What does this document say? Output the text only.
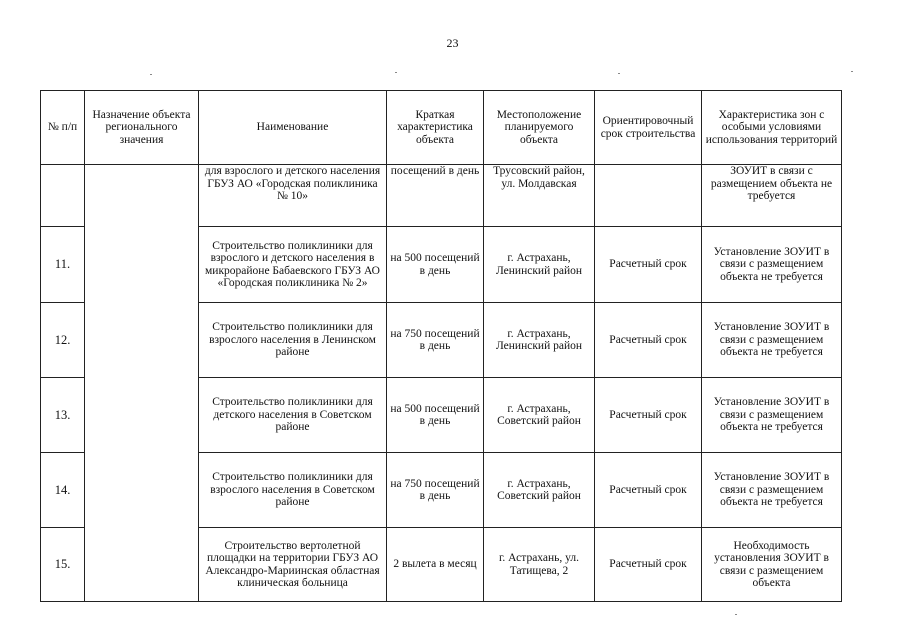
23
№ п/п	Назначение объекта регионального значения	Наименование	Краткая характеристика объекта	Местоположение планируемого объекта	Ориентировочный срок строительства	Характеристика зон с особыми условиями использования территорий
		для взрослого и детского населения ГБУЗ АО «Городская поликлиника № 10»	посещений в день	Трусовский район, ул. Молдавская		ЗОУИТ в связи с размещением объекта не требуется
11.		Строительство поликлиники для взрослого и детского населения в микрорайоне Бабаевского ГБУЗ АО «Городская поликлиника № 2»	на 500 посещений в день	г. Астрахань, Ленинский район	Расчетный срок	Установление ЗОУИТ в связи с размещением объекта не требуется
12.		Строительство поликлиники для взрослого населения в Ленинском районе	на 750 посещений в день	г. Астрахань, Ленинский район	Расчетный срок	Установление ЗОУИТ в связи с размещением объекта не требуется
13.		Строительство поликлиники для детского населения в Советском районе	на 500 посещений в день	г. Астрахань, Советский район	Расчетный срок	Установление ЗОУИТ в связи с размещением объекта не требуется
14.		Строительство поликлиники для взрослого населения в Советском районе	на 750 посещений в день	г. Астрахань, Советский район	Расчетный срок	Установление ЗОУИТ в связи с размещением объекта не требуется
15.		Строительство вертолетной площадки на территории ГБУЗ АО Александро-Мариинская областная клиническая больница	2 вылета в месяц	г. Астрахань, ул. Татищева, 2	Расчетный срок	Необходимость установления ЗОУИТ в связи с размещением объекта
